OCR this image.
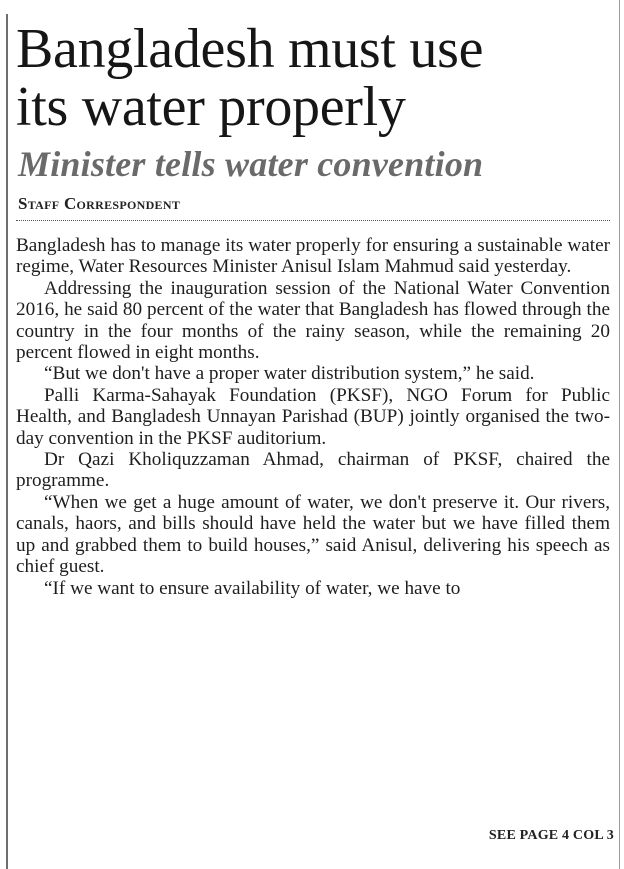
Bangladesh must use
its water properly
Minister tells water convention
Staff Correspondent

Bangladesh has to manage its water properly for ensuring a sustainable water regime, Water Resources Minister Anisul Islam Mahmud said yesterday.

Addressing the inauguration session of the National Water Convention 2016, he said 80 percent of the water that Bangladesh has flowed through the country in the four months of the rainy season, while the remaining 20 percent flowed in eight months.

“But we don't have a proper water distribution system,” he said.

Palli Karma-Sahayak Foundation (PKSF), NGO Forum for Public Health, and Bangladesh Unnayan Parishad (BUP) jointly organised the two-day convention in the PKSF auditorium.

Dr Qazi Kholiquzzaman Ahmad, chairman of PKSF, chaired the programme.

“When we get a huge amount of water, we don't preserve it. Our rivers, canals, haors, and bills should have held the water but we have filled them up and grabbed them to build houses,” said Anisul, delivering his speech as chief guest.

“If we want to ensure availability of water, we have to

SEE PAGE 4 COL 3
